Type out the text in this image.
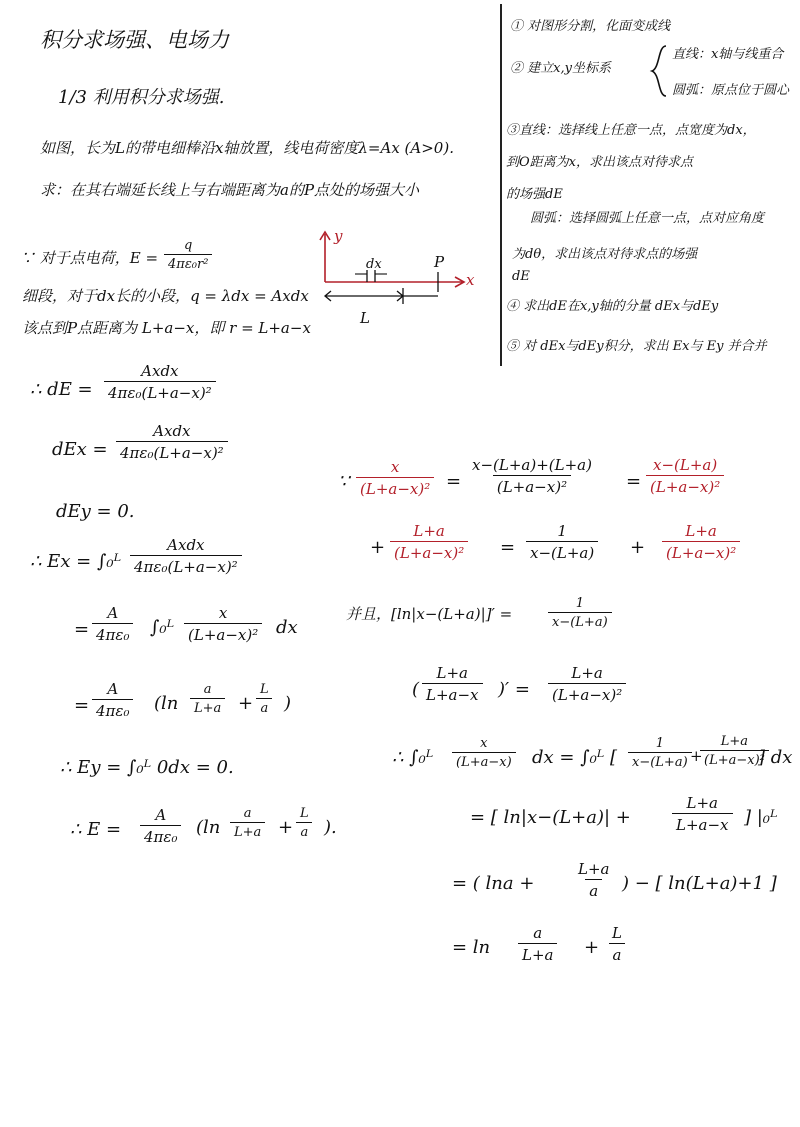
积分求场强、电场力
1/3 利用积分求场强.
如图，长为L的带电细棒沿x轴放置，线电荷密度λ=Ax (A>0).
求：在其右端延长线上与右端距离为a的P点处的场强大小
① 对图形分割，化面变成线
② 建立x,y坐标系
直线：x轴与线重合
圆弧：原点位于圆心
③直线：选择线上任意一点，点宽度为dx，
到O距离为x，求出该点对待求点
的场强dE
圆弧：选择圆弧上任意一点，点对应角度
为dθ，求出该点对待求点的场强
dE
④ 求出dE在x,y轴的分量 dEx与dEy
⑤ 对 dEx与dEy积分，求出 Ex与 Ey 并合并
y
x
dx	P
L
∵ 对于点电荷，$E = \frac{q}{\text{4πε₀r²}}$
细段，对于dx长的小段，q = λdx = Axdx
该点到P点距离为 L+a−x，即 r = L+a−x
∴ dE =
Axdx
4πε₀(L+a−x)²
dEx =
Axdx
4πε₀(L+a−x)²
dEy = 0.
∴ Ex = ∫₀ᴸ
Axdx
4πε₀(L+a−x)²
= $\frac{A}{\text{4πε₀}}$ ∫₀ᴸ $\frac{x}{\text{(L+a−x)²}}$ dx
= $\frac{A}{\text{4πε₀}} (\ln \frac{a}{L+a} + \frac{L}{a}$ )
∴ Ey = ∫₀ᴸ 0dx = 0.
∴ $E = \frac{A}{\text{4πε₀}} (\ln \frac{a}{L+a} + \frac{L}{a}$ ).
∵ $\frac{x}{\text{(L+a−x)²}} = \frac{x-(L+a)+(L+a)}{\text{(L+a−x)²}} = \frac{x-(L+a)}{\text{(L+a−x)²}}$
+ $\frac{L+a}{\text{(L+a−x)²}} = \frac{1}{x-(L+a)} + \frac{L+a}{\text{(L+a−x)²}}$
并且，[ln|x−(L+a)|]′ =	$\frac{1}{x-(L+a)}$
( $\frac{L+a}{L+a-x}$ )′ = $\frac{L+a}{\text{(L+a−x)²}}$
∴ ∫₀ᴸ $\frac{x}{(L+a-x)}$ dx = ∫₀ᴸ [ $\frac{1}{x-(L+a)}$
+
$\frac{L+a}{\text{(L+a−x)²}}$
] dx
= [ ln|x−(L+a)| +	$\frac{L+a}{L+a-x}$ ] |₀ᴸ
= ( lna +	$\frac{L+a}{a}$ ) − [ ln(L+a)+1 ]
= $\ln \frac{a}{L+a} + \frac{L}{a}$
